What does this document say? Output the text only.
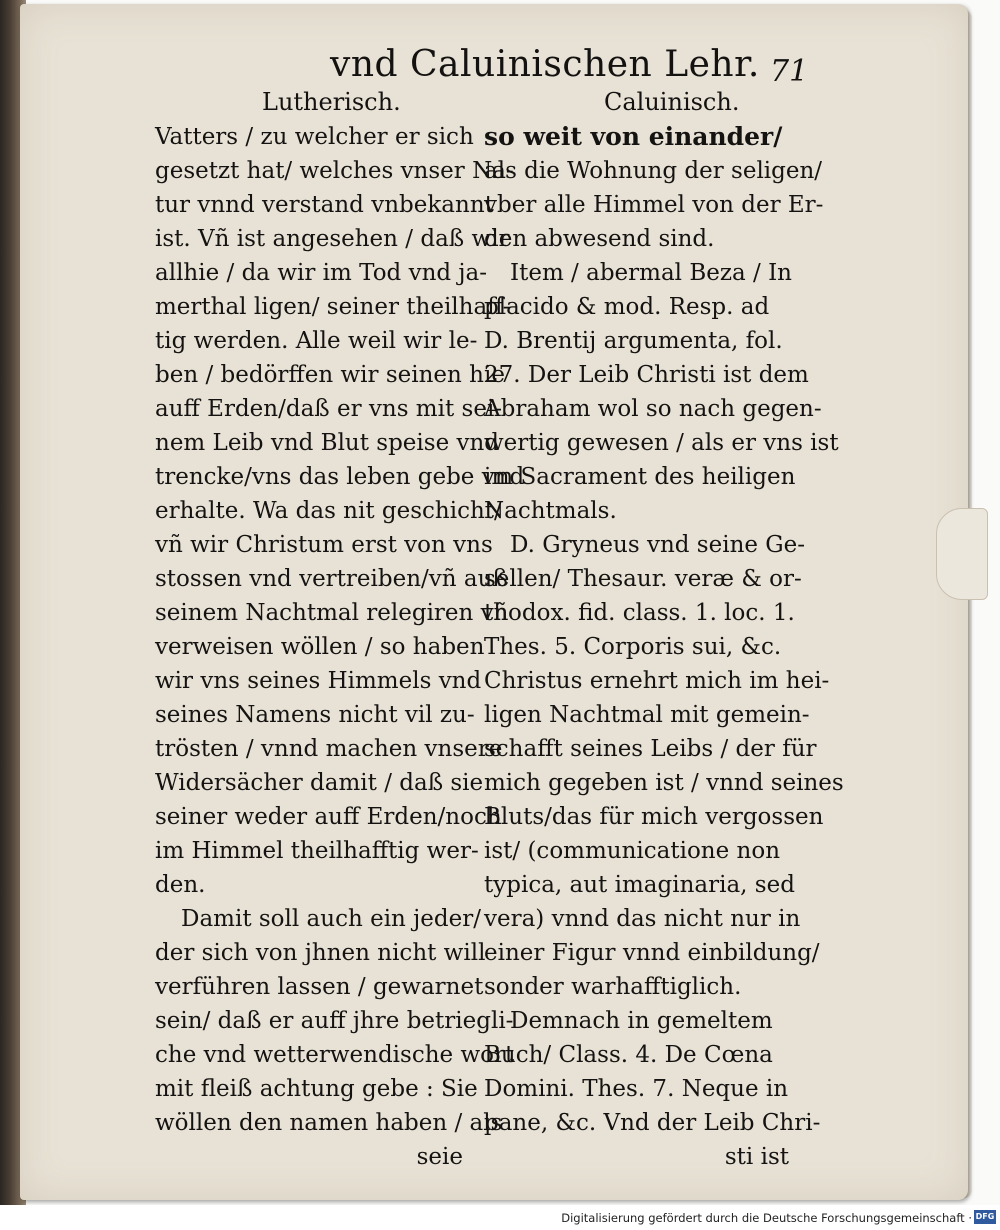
vnd Caluinischen Lehr. 71
Lutherisch.	Caluinisch.
Vatters / zu welcher er sich
gesetzt hat/ welches vnser Na-
tur vnnd verstand vnbekannt
ist. Vñ ist angesehen / daß wir
allhie / da wir im Tod vnd ja-
merthal ligen/ seiner theilhaff-
tig werden. Alle weil wir le-
ben / bedörffen wir seinen hie
auff Erden/daß er vns mit sei-
nem Leib vnd Blut speise vnd
trencke/vns das leben gebe vnd
erhalte. Wa das nit geschicht/
vñ wir Christum erst von vns
stossen vnd vertreiben/vñ auß
seinem Nachtmal relegiren vñ
verweisen wöllen / so haben
wir vns seines Himmels vnd
seines Namens nicht vil zu-
trösten / vnnd machen vnsere
Widersächer damit / daß sie
seiner weder auff Erden/noch
im Himmel theilhafftig wer-
den.
Damit soll auch ein jeder/
der sich von jhnen nicht will
verführen lassen / gewarnet
sein/ daß er auff jhre betriegli-
che vnd wetterwendische wort
mit fleiß achtung gebe : Sie
wöllen den namen haben / als
seie
so weit von einander/
als die Wohnung der seligen/
vber alle Himmel von der Er-
den abwesend sind.
Item / abermal Beza / In
placido & mod. Resp. ad
D. Brentij argumenta, fol.
27. Der Leib Christi ist dem
Abraham wol so nach gegen-
wertig gewesen / als er vns ist
im Sacrament des heiligen
Nachtmals.
D. Gryneus vnd seine Ge-
sellen/ Thesaur. veræ & or-
thodox. fid. class. 1. loc. 1.
Thes. 5. Corporis sui, &c.
Christus ernehrt mich im hei-
ligen Nachtmal mit gemein-
schafft seines Leibs / der für
mich gegeben ist / vnnd seines
Bluts/das für mich vergossen
ist/ (communicatione non
typica, aut imaginaria, sed
vera) vnnd das nicht nur in
einer Figur vnnd einbildung/
sonder warhafftiglich.
Demnach in gemeltem
Buch/ Class. 4. De Cœna
Domini. Thes. 7. Neque in
pane, &c. Vnd der Leib Chri-
sti ist
Digitalisierung gefördert durch die Deutsche Forschungsgemeinschaft · DFG
